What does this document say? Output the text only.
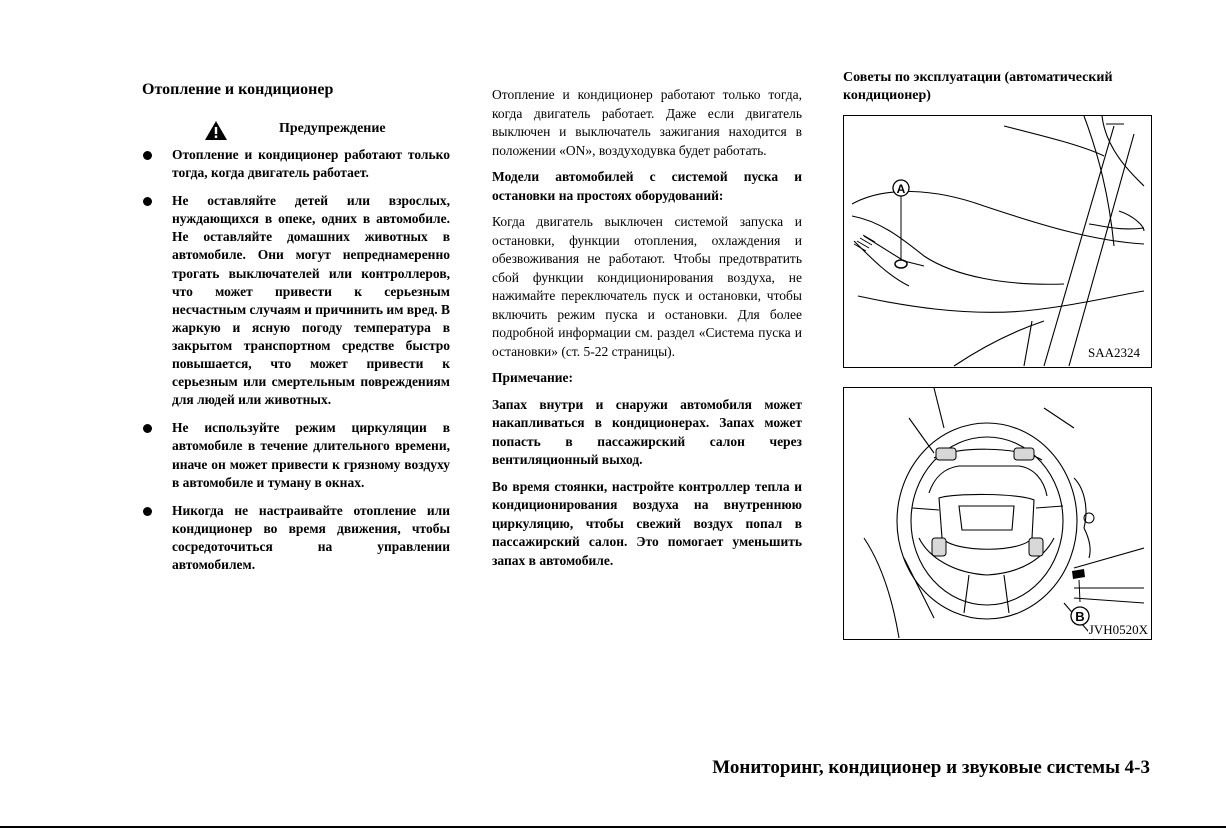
Отопление и кондиционер

Предупреждение
Отопление и кондиционер работают только тогда, когда двигатель работает.
Не оставляйте детей или взрослых, нуждающихся в опеке, одних в автомобиле. Не оставляйте домашних животных в автомобиле. Они могут непреднамеренно трогать выключателей или контроллеров, что может привести к серьезным несчастным случаям и причинить им вред. В жаркую и ясную погоду температура в закрытом транспортном средстве быстро повышается, что может привести к серьезным или смертельным повреждениям для людей или животных.
Не используйте режим циркуляции в автомобиле в течение длительного времени, иначе он может привести к грязному воздуху в автомобиле и туману в окнах.
Никогда не настраивайте отопление или кондиционер во время движения, чтобы сосредоточиться на управлении автомобилем.

Отопление и кондиционер работают только тогда, когда двигатель работает. Даже если двигатель выключен и выключатель зажигания находится в положении «ON», воздуходувка будет работать.

Модели автомобилей с системой пуска и остановки на простоях оборудований:

Когда двигатель выключен системой запуска и остановки, функции отопления, охлаждения и обезвоживания не работают. Чтобы предотвратить сбой функции кондиционирования воздуха, не нажимайте переключатель пуск и остановки, чтобы включить режим пуска и остановки. Для более подробной информации см. раздел «Система пуска и остановки» (ст. 5-22 страницы).

Примечание:

Запах внутри и снаружи автомобиля может накапливаться в кондиционерах. Запах может попасть в пассажирский салон через вентиляционный выход.

Во время стоянки, настройте контроллер тепла и кондиционирования воздуха на внутреннюю циркуляцию, чтобы свежий воздух попал в пассажирский салон. Это помогает уменьшить запах в автомобиле.

Советы по эксплуатации (автоматический кондиционер)

A
SAA2324
B
JVH0520X
Мониторинг, кондиционер и звуковые системы 4-3
